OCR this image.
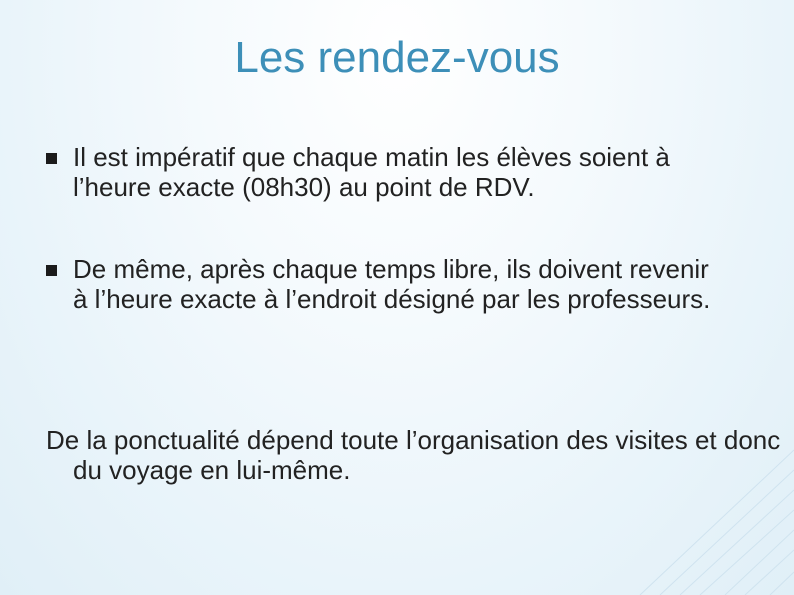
Les rendez-vous
Il est impératif que chaque matin les élèves soient à l’heure exacte (08h30) au point de RDV.
De même, après chaque temps libre, ils doivent revenir à l’heure exacte à l’endroit désigné par les professeurs.

De la ponctualité dépend toute l’organisation des visites et donc du voyage en lui-même.
